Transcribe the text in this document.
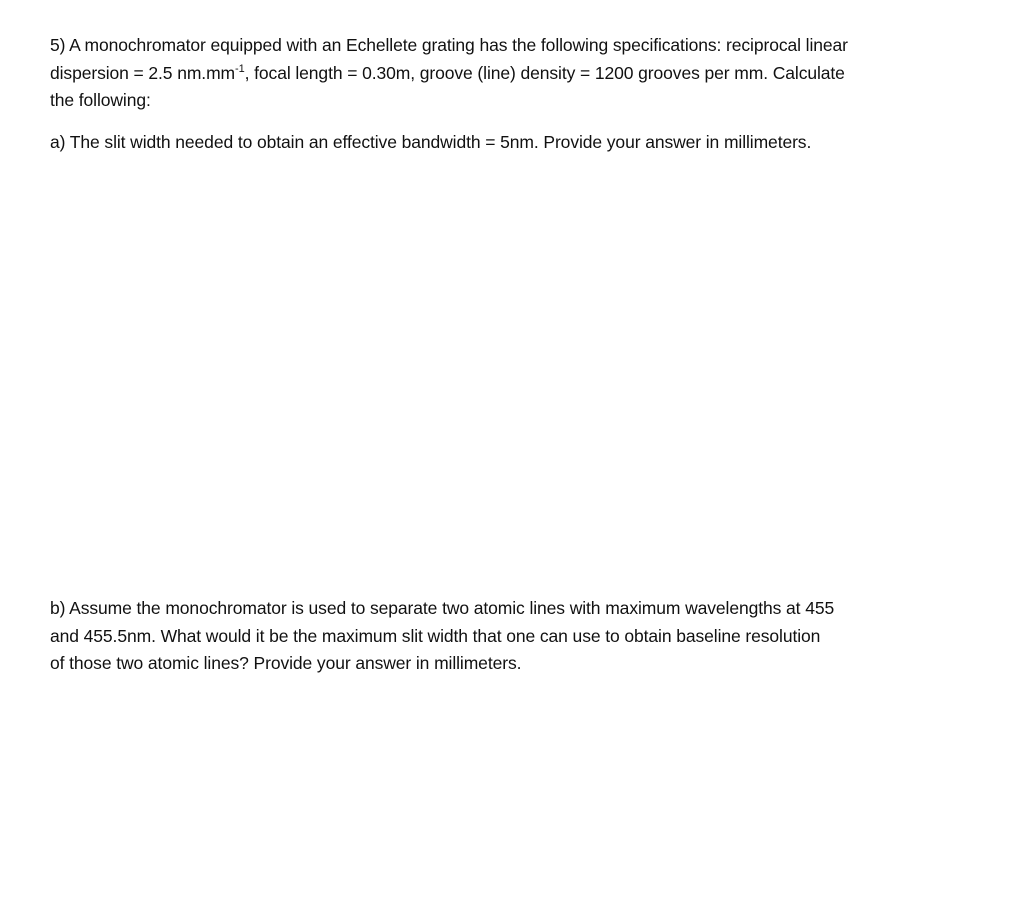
5) A monochromator equipped with an Echellete grating has the following specifications: reciprocal linear
dispersion = 2.5 $nm.mm^{-1}$, focal length = 0.30m, groove (line) density = 1200 grooves per mm. Calculate
the following:

a) The slit width needed to obtain an effective bandwidth = 5nm. Provide your answer in millimeters.

b) Assume the monochromator is used to separate two atomic lines with maximum wavelengths at 455
and 455.5nm. What would it be the maximum slit width that one can use to obtain baseline resolution
of those two atomic lines? Provide your answer in millimeters.
